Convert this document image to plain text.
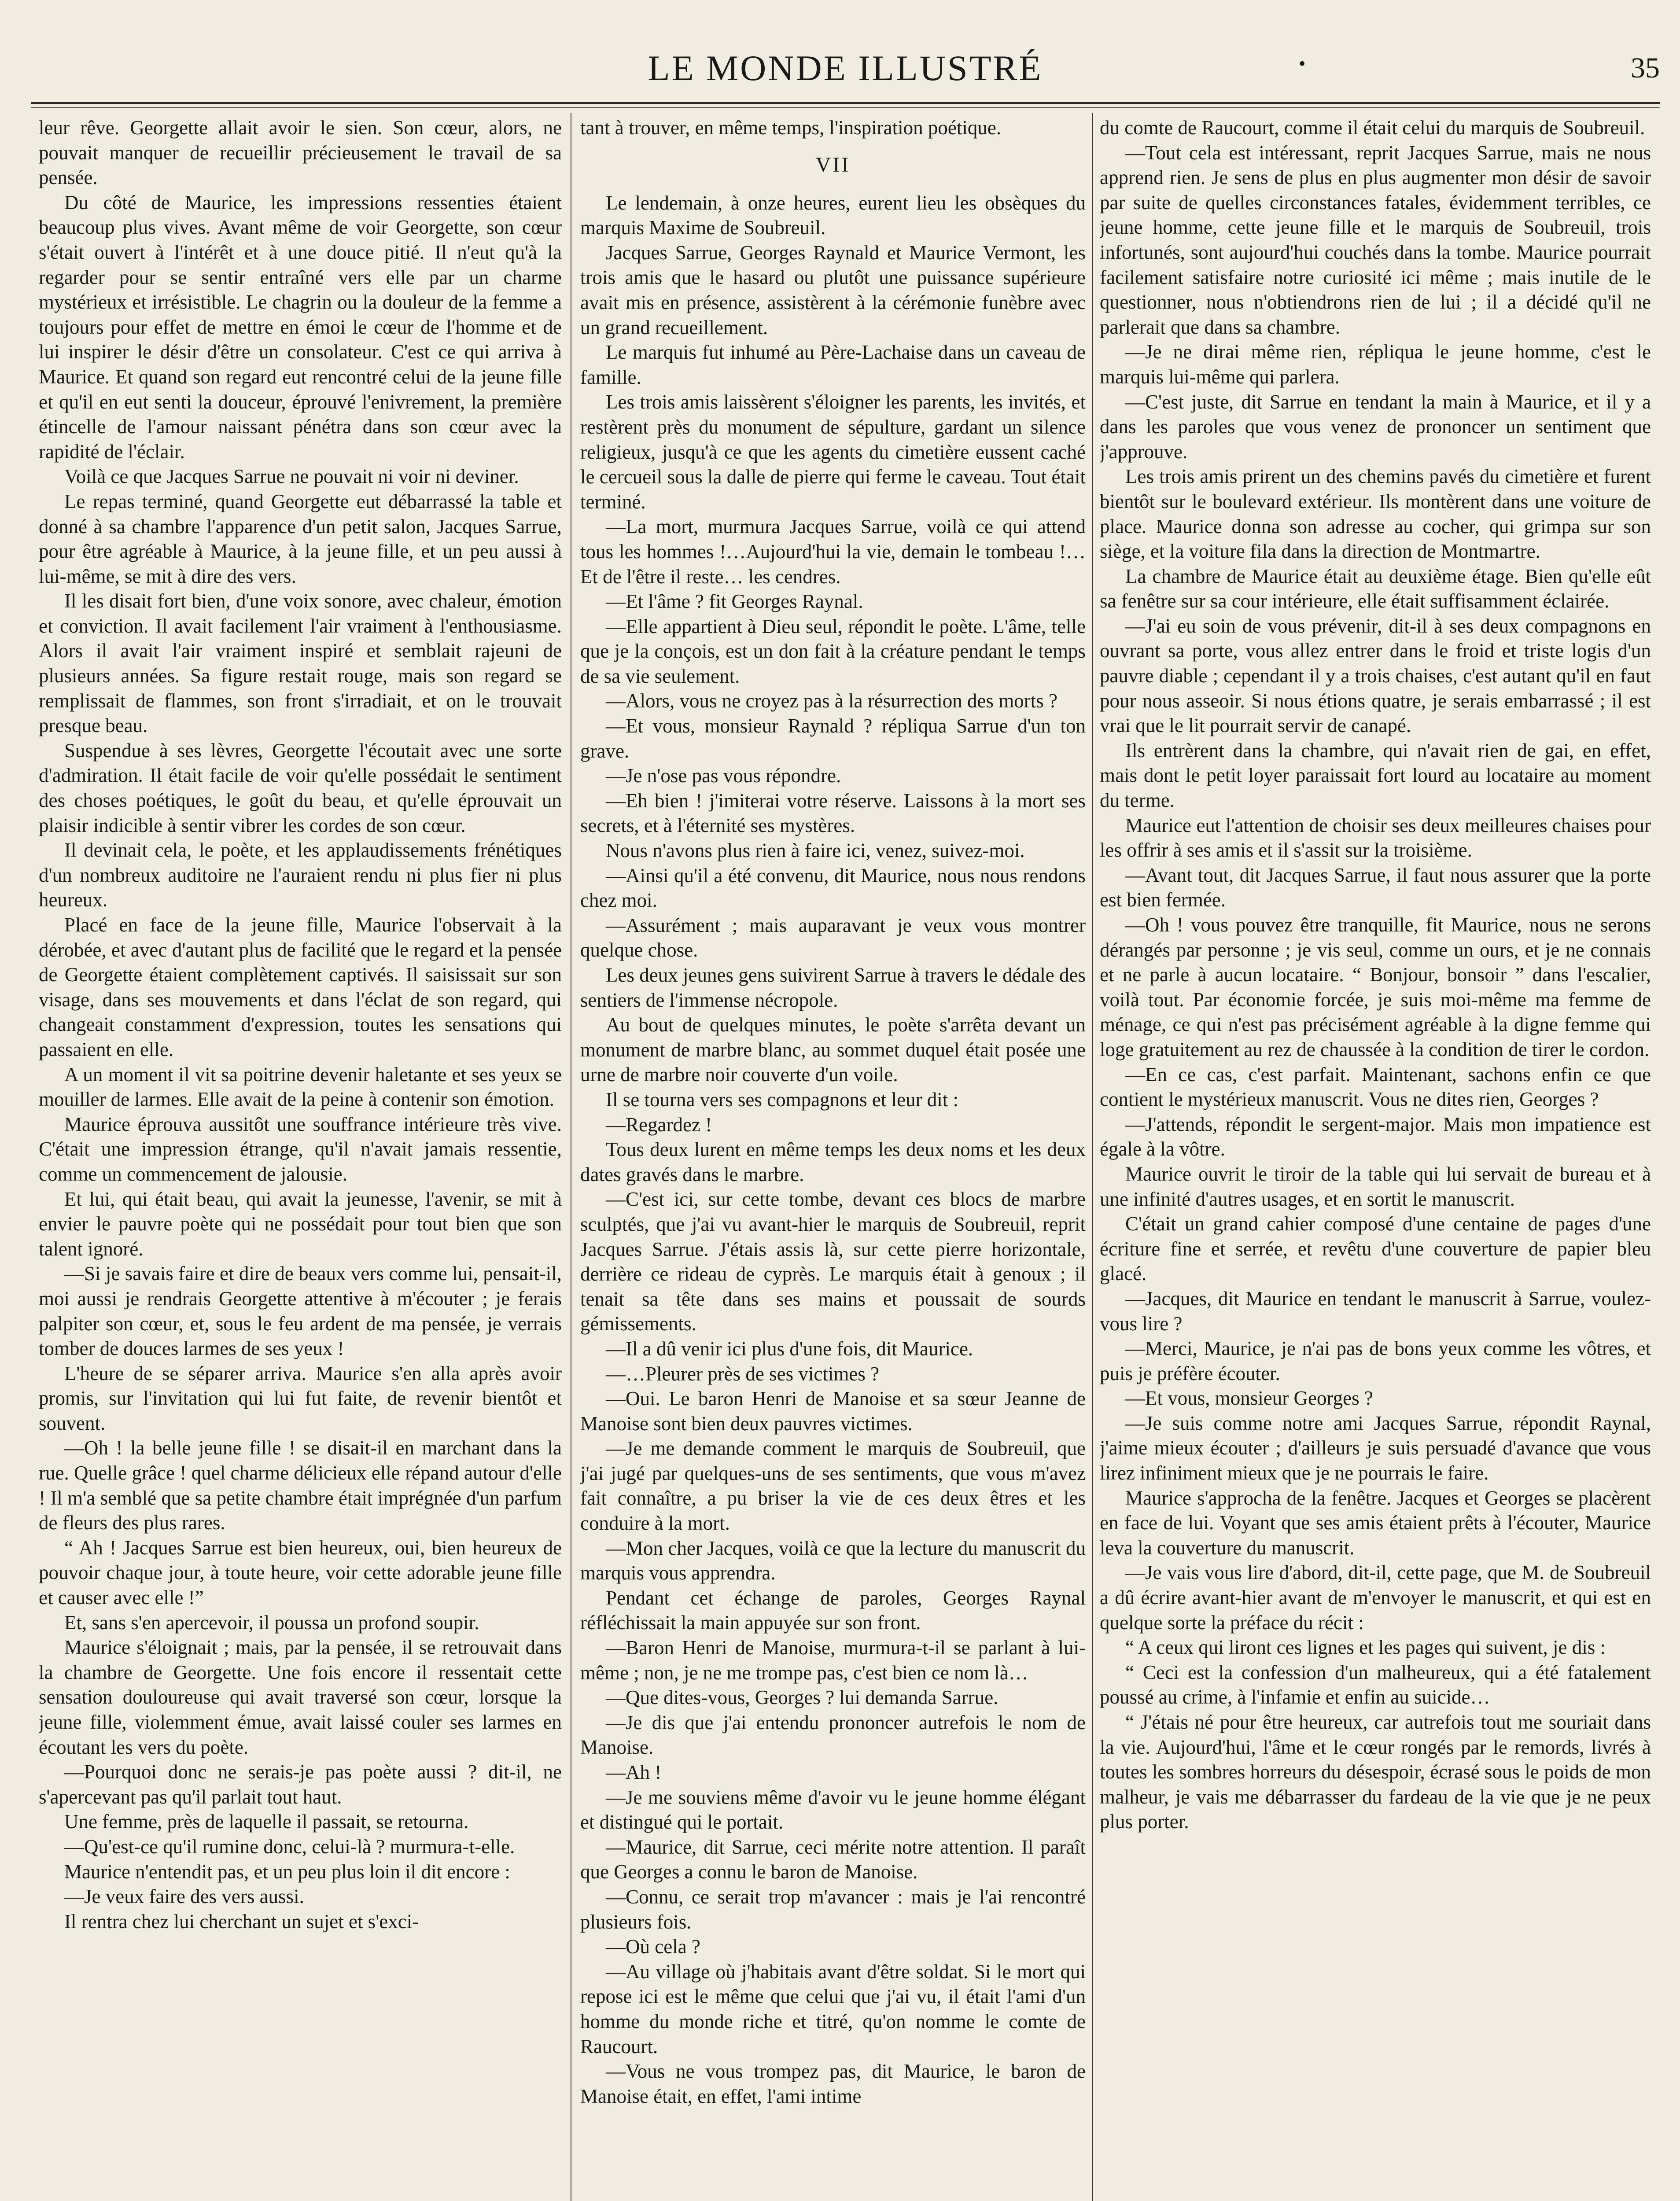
LE MONDE ILLUSTRÉ	•	35

leur rêve. Georgette allait avoir le sien. Son cœur, alors, ne pouvait manquer de recueillir précieusement le travail de sa pensée.

Du côté de Maurice, les impressions ressenties étaient beaucoup plus vives. Avant même de voir Georgette, son cœur s'était ouvert à l'intérêt et à une douce pitié. Il n'eut qu'à la regarder pour se sentir entraîné vers elle par un charme mystérieux et irrésistible. Le chagrin ou la douleur de la femme a toujours pour effet de mettre en émoi le cœur de l'homme et de lui inspirer le désir d'être un consolateur. C'est ce qui arriva à Maurice. Et quand son regard eut rencontré celui de la jeune fille et qu'il en eut senti la douceur, éprouvé l'enivrement, la première étincelle de l'amour naissant pénétra dans son cœur avec la rapidité de l'éclair.

Voilà ce que Jacques Sarrue ne pouvait ni voir ni deviner.

Le repas terminé, quand Georgette eut débarrassé la table et donné à sa chambre l'apparence d'un petit salon, Jacques Sarrue, pour être agréable à Maurice, à la jeune fille, et un peu aussi à lui-même, se mit à dire des vers.

Il les disait fort bien, d'une voix sonore, avec chaleur, émotion et conviction. Il avait facilement l'air vraiment à l'enthousiasme. Alors il avait l'air vraiment inspiré et semblait rajeuni de plusieurs années. Sa figure restait rouge, mais son regard se remplissait de flammes, son front s'irradiait, et on le trouvait presque beau.

Suspendue à ses lèvres, Georgette l'écoutait avec une sorte d'admiration. Il était facile de voir qu'elle possédait le sentiment des choses poétiques, le goût du beau, et qu'elle éprouvait un plaisir indicible à sentir vibrer les cordes de son cœur.

Il devinait cela, le poète, et les applaudissements frénétiques d'un nombreux auditoire ne l'auraient rendu ni plus fier ni plus heureux.

Placé en face de la jeune fille, Maurice l'observait à la dérobée, et avec d'autant plus de facilité que le regard et la pensée de Georgette étaient complètement captivés. Il saisissait sur son visage, dans ses mouvements et dans l'éclat de son regard, qui changeait constamment d'expression, toutes les sensations qui passaient en elle.

A un moment il vit sa poitrine devenir haletante et ses yeux se mouiller de larmes. Elle avait de la peine à contenir son émotion.

Maurice éprouva aussitôt une souffrance intérieure très vive. C'était une impression étrange, qu'il n'avait jamais ressentie, comme un commencement de jalousie.

Et lui, qui était beau, qui avait la jeunesse, l'avenir, se mit à envier le pauvre poète qui ne possédait pour tout bien que son talent ignoré.

—Si je savais faire et dire de beaux vers comme lui, pensait-il, moi aussi je rendrais Georgette attentive à m'écouter ; je ferais palpiter son cœur, et, sous le feu ardent de ma pensée, je verrais tomber de douces larmes de ses yeux !

L'heure de se séparer arriva. Maurice s'en alla après avoir promis, sur l'invitation qui lui fut faite, de revenir bientôt et souvent.

—Oh ! la belle jeune fille ! se disait-il en marchant dans la rue. Quelle grâce ! quel charme délicieux elle répand autour d'elle ! Il m'a semblé que sa petite chambre était imprégnée d'un parfum de fleurs des plus rares.

“ Ah ! Jacques Sarrue est bien heureux, oui, bien heureux de pouvoir chaque jour, à toute heure, voir cette adorable jeune fille et causer avec elle !”

Et, sans s'en apercevoir, il poussa un profond soupir.

Maurice s'éloignait ; mais, par la pensée, il se retrouvait dans la chambre de Georgette. Une fois encore il ressentait cette sensation douloureuse qui avait traversé son cœur, lorsque la jeune fille, violemment émue, avait laissé couler ses larmes en écoutant les vers du poète.

—Pourquoi donc ne serais-je pas poète aussi ? dit-il, ne s'apercevant pas qu'il parlait tout haut.

Une femme, près de laquelle il passait, se retourna.

—Qu'est-ce qu'il rumine donc, celui-là ? murmura-t-elle.

Maurice n'entendit pas, et un peu plus loin il dit encore :

—Je veux faire des vers aussi.

Il rentra chez lui cherchant un sujet et s'exci-

tant à trouver, en même temps, l'inspiration poétique.

VII

Le lendemain, à onze heures, eurent lieu les obsèques du marquis Maxime de Soubreuil.

Jacques Sarrue, Georges Raynald et Maurice Vermont, les trois amis que le hasard ou plutôt une puissance supérieure avait mis en présence, assistèrent à la cérémonie funèbre avec un grand recueillement.

Le marquis fut inhumé au Père-Lachaise dans un caveau de famille.

Les trois amis laissèrent s'éloigner les parents, les invités, et restèrent près du monument de sépulture, gardant un silence religieux, jusqu'à ce que les agents du cimetière eussent caché le cercueil sous la dalle de pierre qui ferme le caveau. Tout était terminé.

—La mort, murmura Jacques Sarrue, voilà ce qui attend tous les hommes !…Aujourd'hui la vie, demain le tombeau !…Et de l'être il reste… les cendres.

—Et l'âme ? fit Georges Raynal.

—Elle appartient à Dieu seul, répondit le poète. L'âme, telle que je la conçois, est un don fait à la créature pendant le temps de sa vie seulement.

—Alors, vous ne croyez pas à la résurrection des morts ?

—Et vous, monsieur Raynald ? répliqua Sarrue d'un ton grave.

—Je n'ose pas vous répondre.

—Eh bien ! j'imiterai votre réserve. Laissons à la mort ses secrets, et à l'éternité ses mystères.

Nous n'avons plus rien à faire ici, venez, suivez-moi.

—Ainsi qu'il a été convenu, dit Maurice, nous nous rendons chez moi.

—Assurément ; mais auparavant je veux vous montrer quelque chose.

Les deux jeunes gens suivirent Sarrue à travers le dédale des sentiers de l'immense nécropole.

Au bout de quelques minutes, le poète s'arrêta devant un monument de marbre blanc, au sommet duquel était posée une urne de marbre noir couverte d'un voile.

Il se tourna vers ses compagnons et leur dit :

—Regardez !

Tous deux lurent en même temps les deux noms et les deux dates gravés dans le marbre.

—C'est ici, sur cette tombe, devant ces blocs de marbre sculptés, que j'ai vu avant-hier le marquis de Soubreuil, reprit Jacques Sarrue. J'étais assis là, sur cette pierre horizontale, derrière ce rideau de cyprès. Le marquis était à genoux ; il tenait sa tête dans ses mains et poussait de sourds gémissements.

—Il a dû venir ici plus d'une fois, dit Maurice.

—…Pleurer près de ses victimes ?

—Oui. Le baron Henri de Manoise et sa sœur Jeanne de Manoise sont bien deux pauvres victimes.

—Je me demande comment le marquis de Soubreuil, que j'ai jugé par quelques-uns de ses sentiments, que vous m'avez fait connaître, a pu briser la vie de ces deux êtres et les conduire à la mort.

—Mon cher Jacques, voilà ce que la lecture du manuscrit du marquis vous apprendra.

Pendant cet échange de paroles, Georges Raynal réfléchissait la main appuyée sur son front.

—Baron Henri de Manoise, murmura-t-il se parlant à lui-même ; non, je ne me trompe pas, c'est bien ce nom là…

—Que dites-vous, Georges ? lui demanda Sarrue.

—Je dis que j'ai entendu prononcer autrefois le nom de Manoise.

—Ah !

—Je me souviens même d'avoir vu le jeune homme élégant et distingué qui le portait.

—Maurice, dit Sarrue, ceci mérite notre attention. Il paraît que Georges a connu le baron de Manoise.

—Connu, ce serait trop m'avancer : mais je l'ai rencontré plusieurs fois.

—Où cela ?

—Au village où j'habitais avant d'être soldat. Si le mort qui repose ici est le même que celui que j'ai vu, il était l'ami d'un homme du monde riche et titré, qu'on nomme le comte de Raucourt.

—Vous ne vous trompez pas, dit Maurice, le baron de Manoise était, en effet, l'ami intime

du comte de Raucourt, comme il était celui du marquis de Soubreuil.

—Tout cela est intéressant, reprit Jacques Sarrue, mais ne nous apprend rien. Je sens de plus en plus augmenter mon désir de savoir par suite de quelles circonstances fatales, évidemment terribles, ce jeune homme, cette jeune fille et le marquis de Soubreuil, trois infortunés, sont aujourd'hui couchés dans la tombe. Maurice pourrait facilement satisfaire notre curiosité ici même ; mais inutile de le questionner, nous n'obtiendrons rien de lui ; il a décidé qu'il ne parlerait que dans sa chambre.

—Je ne dirai même rien, répliqua le jeune homme, c'est le marquis lui-même qui parlera.

—C'est juste, dit Sarrue en tendant la main à Maurice, et il y a dans les paroles que vous venez de prononcer un sentiment que j'approuve.

Les trois amis prirent un des chemins pavés du cimetière et furent bientôt sur le boulevard extérieur. Ils montèrent dans une voiture de place. Maurice donna son adresse au cocher, qui grimpa sur son siège, et la voiture fila dans la direction de Montmartre.

La chambre de Maurice était au deuxième étage. Bien qu'elle eût sa fenêtre sur sa cour intérieure, elle était suffisamment éclairée.

—J'ai eu soin de vous prévenir, dit-il à ses deux compagnons en ouvrant sa porte, vous allez entrer dans le froid et triste logis d'un pauvre diable ; cependant il y a trois chaises, c'est autant qu'il en faut pour nous asseoir. Si nous étions quatre, je serais embarrassé ; il est vrai que le lit pourrait servir de canapé.

Ils entrèrent dans la chambre, qui n'avait rien de gai, en effet, mais dont le petit loyer paraissait fort lourd au locataire au moment du terme.

Maurice eut l'attention de choisir ses deux meilleures chaises pour les offrir à ses amis et il s'assit sur la troisième.

—Avant tout, dit Jacques Sarrue, il faut nous assurer que la porte est bien fermée.

—Oh ! vous pouvez être tranquille, fit Maurice, nous ne serons dérangés par personne ; je vis seul, comme un ours, et je ne connais et ne parle à aucun locataire. “ Bonjour, bonsoir ” dans l'escalier, voilà tout. Par économie forcée, je suis moi-même ma femme de ménage, ce qui n'est pas précisément agréable à la digne femme qui loge gratuitement au rez de chaussée à la condition de tirer le cordon.

—En ce cas, c'est parfait. Maintenant, sachons enfin ce que contient le mystérieux manuscrit. Vous ne dites rien, Georges ?

—J'attends, répondit le sergent-major. Mais mon impatience est égale à la vôtre.

Maurice ouvrit le tiroir de la table qui lui servait de bureau et à une infinité d'autres usages, et en sortit le manuscrit.

C'était un grand cahier composé d'une centaine de pages d'une écriture fine et serrée, et revêtu d'une couverture de papier bleu glacé.

—Jacques, dit Maurice en tendant le manuscrit à Sarrue, voulez-vous lire ?

—Merci, Maurice, je n'ai pas de bons yeux comme les vôtres, et puis je préfère écouter.

—Et vous, monsieur Georges ?

—Je suis comme notre ami Jacques Sarrue, répondit Raynal, j'aime mieux écouter ; d'ailleurs je suis persuadé d'avance que vous lirez infiniment mieux que je ne pourrais le faire.

Maurice s'approcha de la fenêtre. Jacques et Georges se placèrent en face de lui. Voyant que ses amis étaient prêts à l'écouter, Maurice leva la couverture du manuscrit.

—Je vais vous lire d'abord, dit-il, cette page, que M. de Soubreuil a dû écrire avant-hier avant de m'envoyer le manuscrit, et qui est en quelque sorte la préface du récit :

“ A ceux qui liront ces lignes et les pages qui suivent, je dis :

“ Ceci est la confession d'un malheureux, qui a été fatalement poussé au crime, à l'infamie et enfin au suicide…

“ J'étais né pour être heureux, car autrefois tout me souriait dans la vie. Aujourd'hui, l'âme et le cœur rongés par le remords, livrés à toutes les sombres horreurs du désespoir, écrasé sous le poids de mon malheur, je vais me débarrasser du fardeau de la vie que je ne peux plus porter.
